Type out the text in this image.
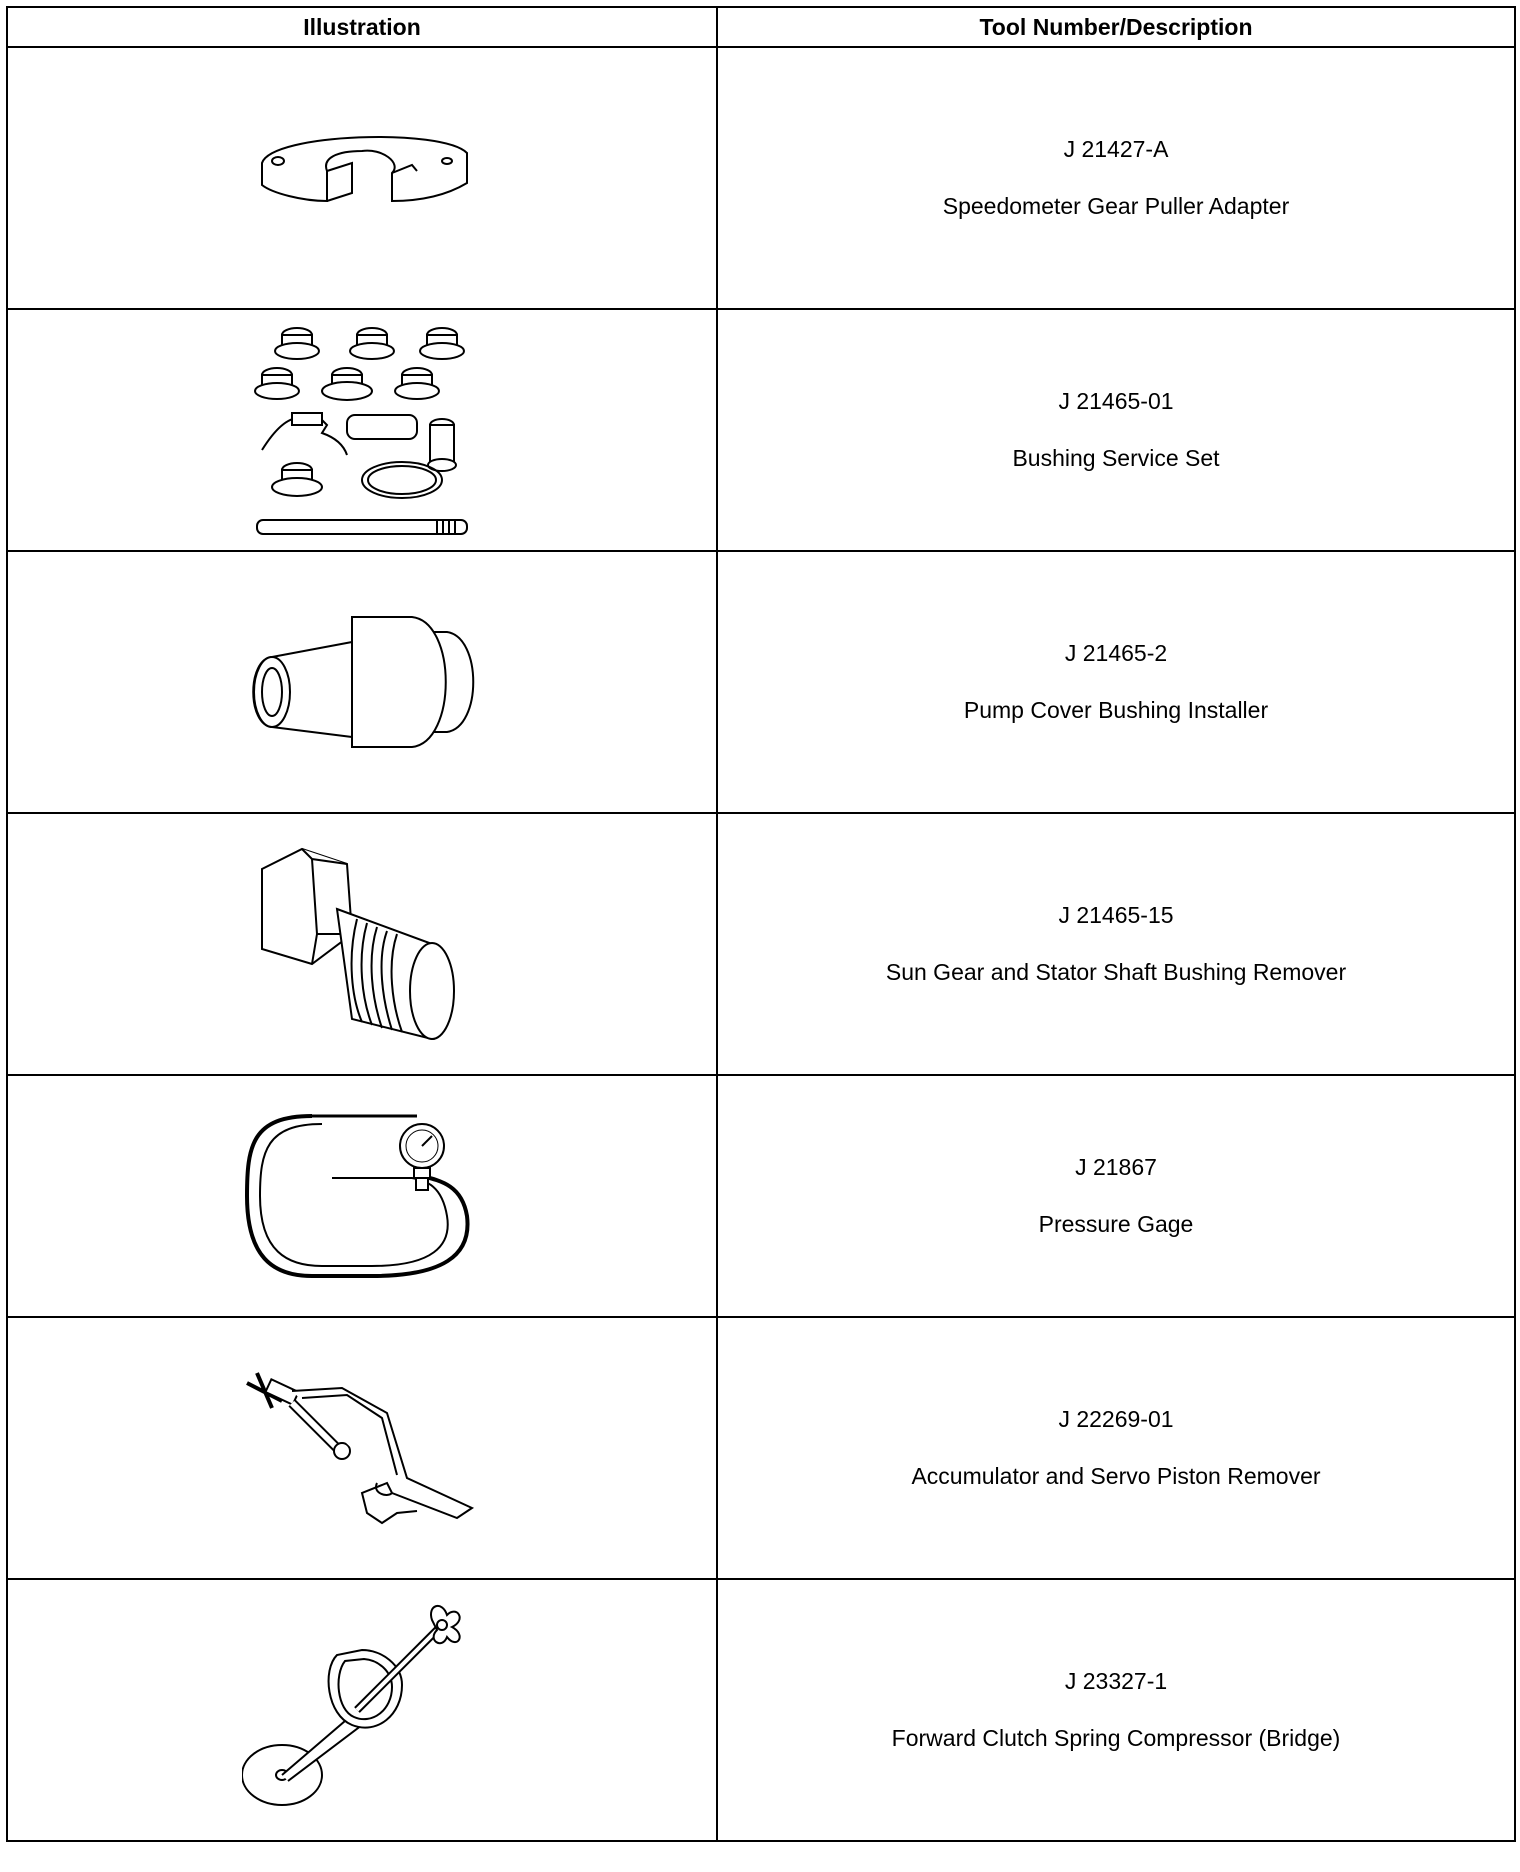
Illustration	Tool Number/Description

J 21427-A
Speedometer Gear Puller Adapter

J 21465-01
Bushing Service Set

J 21465-2
Pump Cover Bushing Installer

J 21465-15
Sun Gear and Stator Shaft Bushing Remover

J 21867
Pressure Gage

J 22269-01
Accumulator and Servo Piston Remover

J 23327-1
Forward Clutch Spring Compressor (Bridge)
